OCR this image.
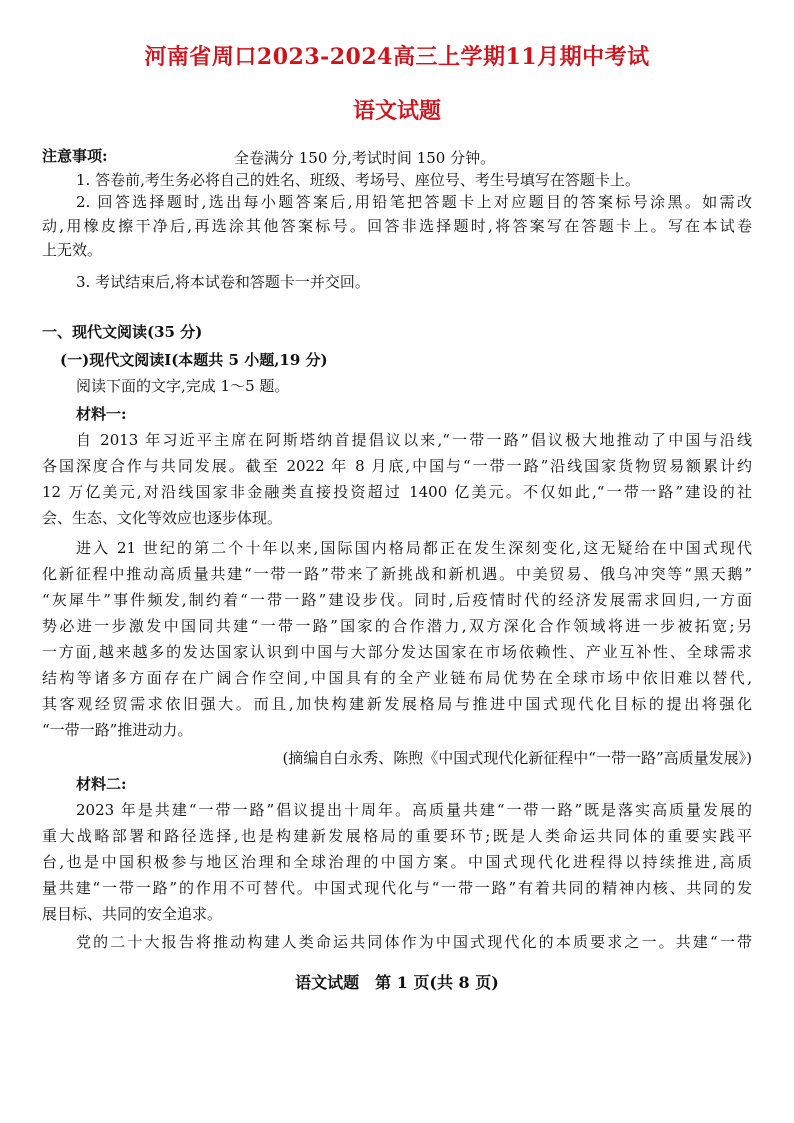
河南省周口2023-2024高三上学期11月期中考试
语文试题
注意事项:	全卷满分 150 分,考试时间 150 分钟。
1. 答卷前,考生务必将自己的姓名、班级、考场号、座位号、考生号填写在答题卡上。
2. 回答选择题时,选出每小题答案后,用铅笔把答题卡上对应题目的答案标号涂黑。如需改
动,用橡皮擦干净后,再选涂其他答案标号。回答非选择题时,将答案写在答题卡上。写在本试卷
上无效。
3. 考试结束后,将本试卷和答题卡一并交回。
一、现代文阅读(35 分)
(一)现代文阅读Ⅰ(本题共 5 小题,19 分)
阅读下面的文字,完成 1～5 题。
材料一:
自 2013 年习近平主席在阿斯塔纳首提倡议以来,“一带一路”倡议极大地推动了中国与沿线
各国深度合作与共同发展。截至 2022 年 8 月底,中国与“一带一路”沿线国家货物贸易额累计约
12 万亿美元,对沿线国家非金融类直接投资超过 1400 亿美元。不仅如此,“一带一路”建设的社
会、生态、文化等效应也逐步体现。
进入 21 世纪的第二个十年以来,国际国内格局都正在发生深刻变化,这无疑给在中国式现代
化新征程中推动高质量共建“一带一路”带来了新挑战和新机遇。中美贸易、俄乌冲突等“黑天鹅”
“灰犀牛”事件频发,制约着“一带一路”建设步伐。同时,后疫情时代的经济发展需求回归,一方面
势必进一步激发中国同共建“一带一路”国家的合作潜力,双方深化合作领域将进一步被拓宽;另
一方面,越来越多的发达国家认识到中国与大部分发达国家在市场依赖性、产业互补性、全球需求
结构等诸多方面存在广阔合作空间,中国具有的全产业链布局优势在全球市场中依旧难以替代,
其客观经贸需求依旧强大。而且,加快构建新发展格局与推进中国式现代化目标的提出将强化
“一带一路”推进动力。
(摘编自白永秀、陈煦《中国式现代化新征程中“一带一路”高质量发展》)
材料二:
2023 年是共建“一带一路”倡议提出十周年。高质量共建“一带一路”既是落实高质量发展的
重大战略部署和路径选择,也是构建新发展格局的重要环节;既是人类命运共同体的重要实践平
台,也是中国积极参与地区治理和全球治理的中国方案。中国式现代化进程得以持续推进,高质
量共建“一带一路”的作用不可替代。中国式现代化与“一带一路”有着共同的精神内核、共同的发
展目标、共同的安全追求。
党的二十大报告将推动构建人类命运共同体作为中国式现代化的本质要求之一。共建“一带
语文试题　第 1 页(共 8 页)
